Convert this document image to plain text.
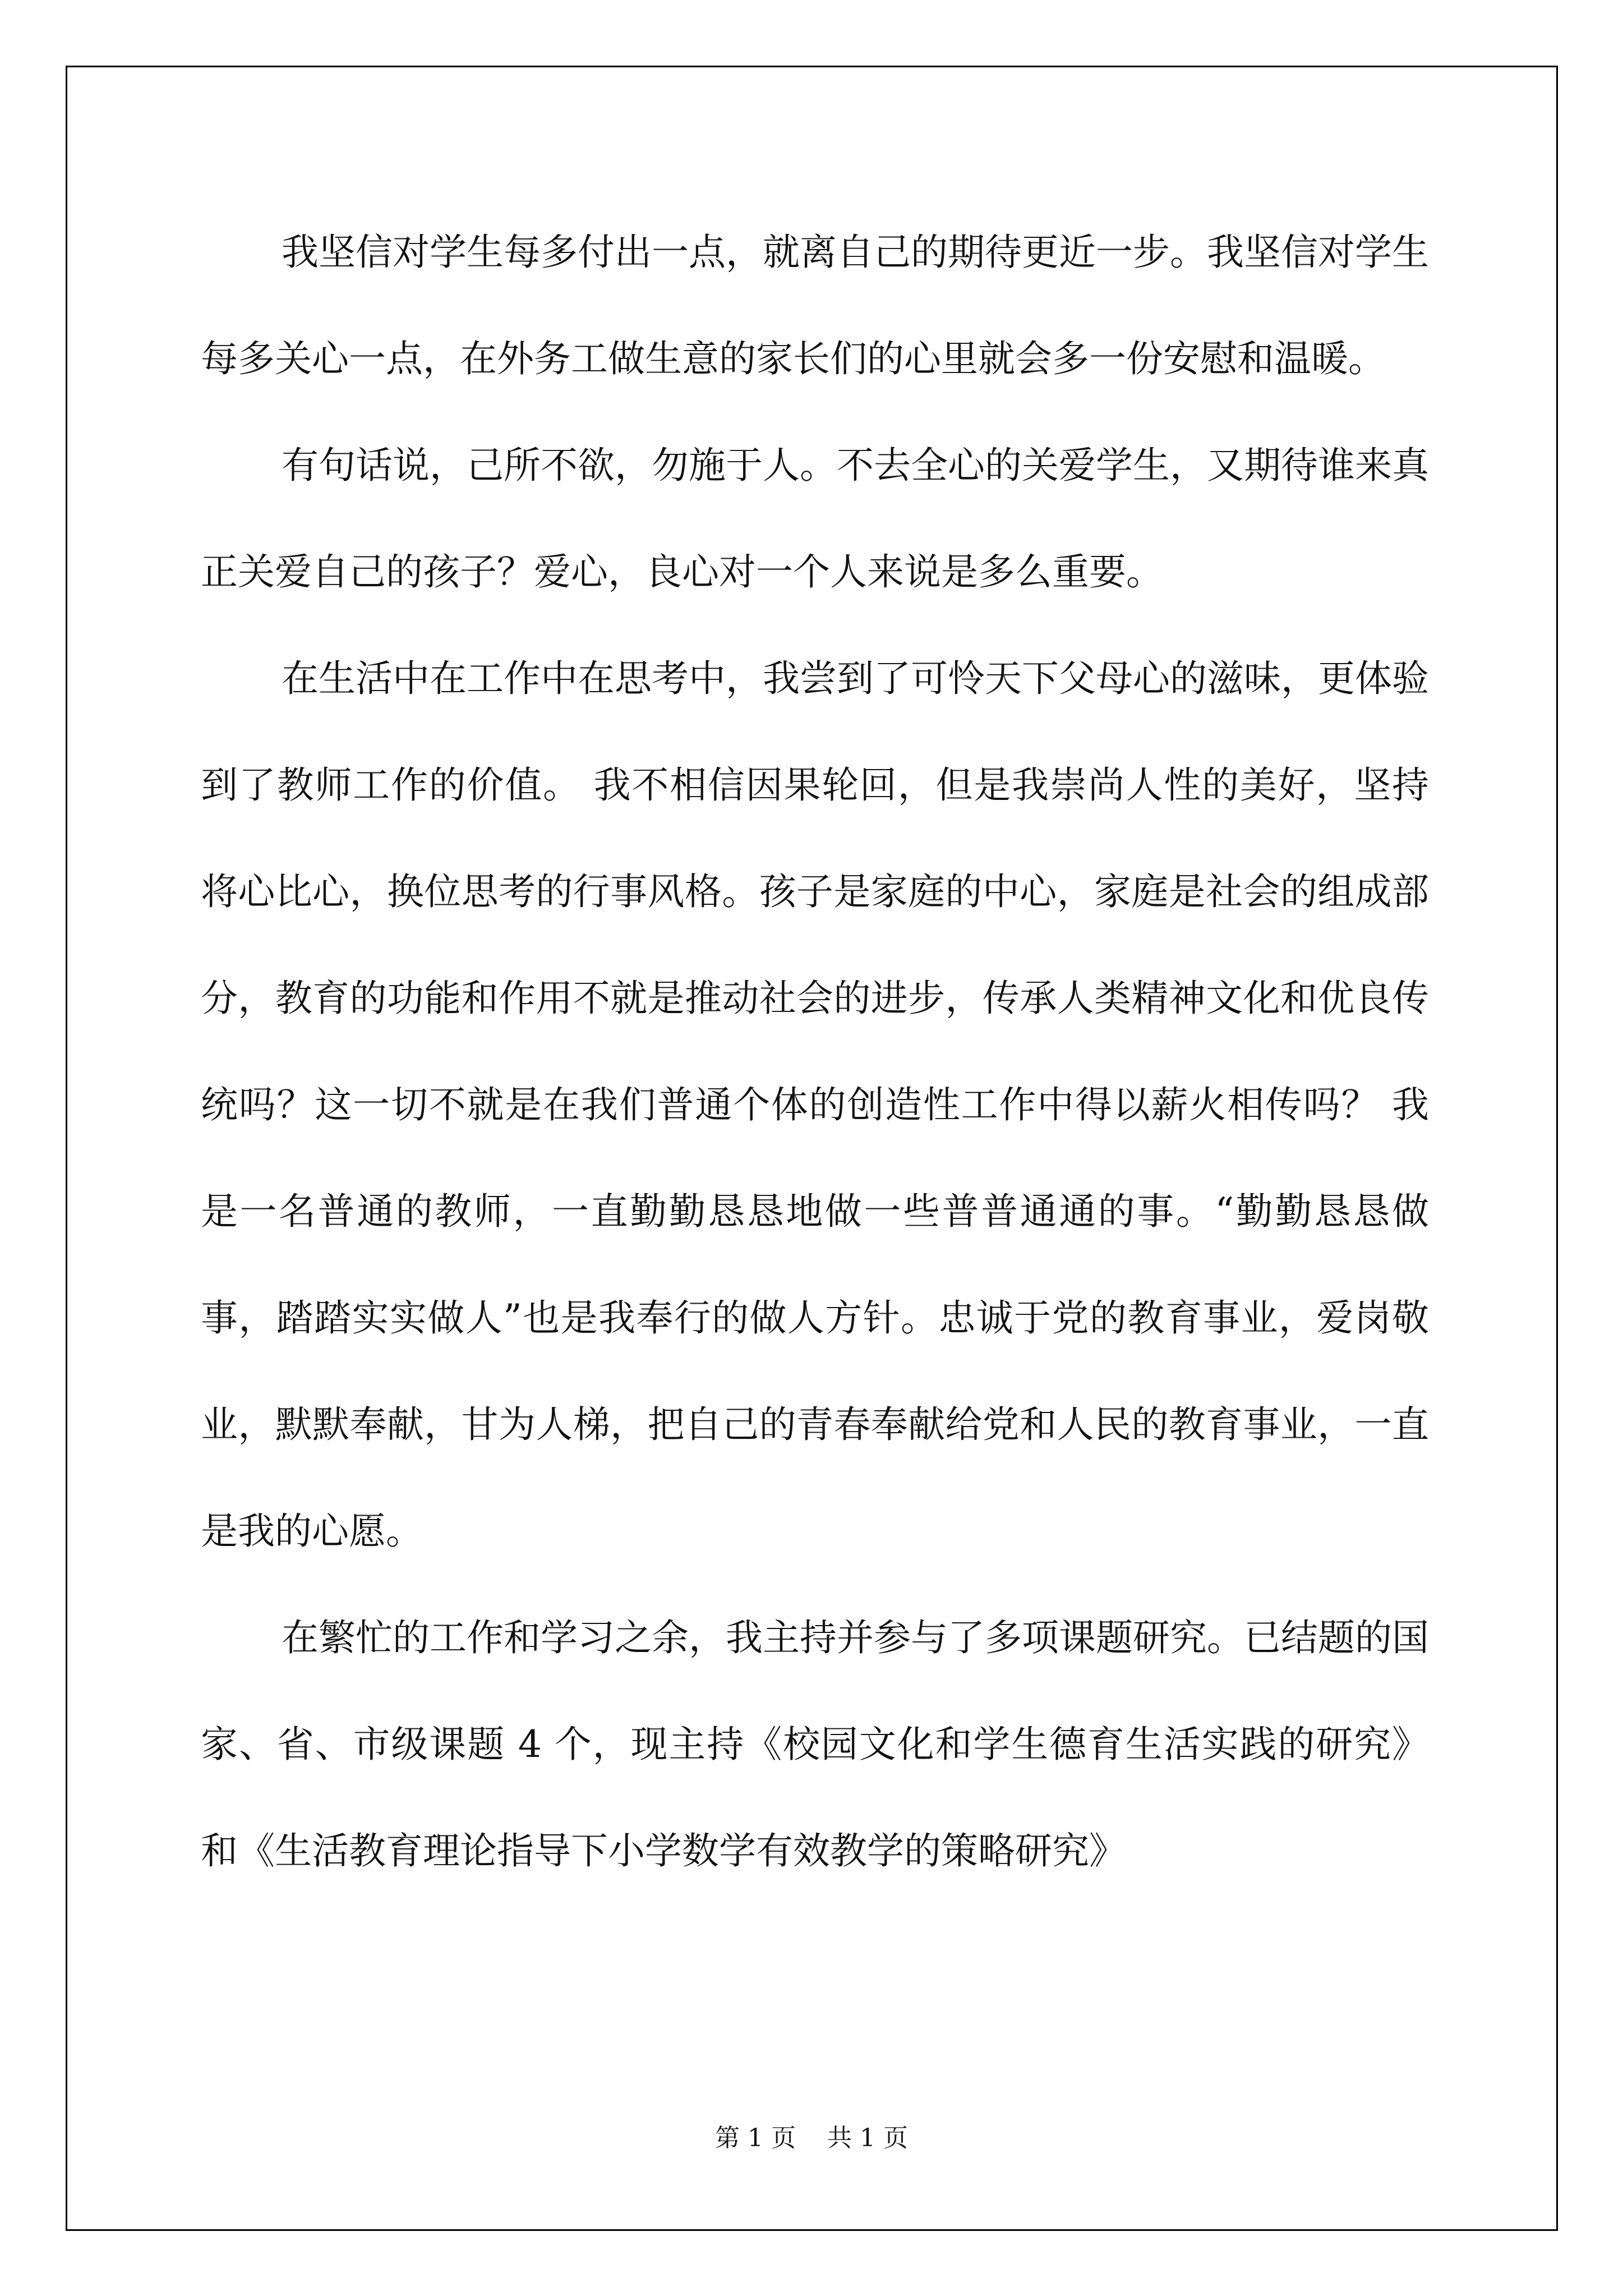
我坚信对学生每多付出一点，就离自己的期待更近一步。我坚信对学生每多关心一点，在外务工做生意的家长们的心里就会多一份安慰和温暖。

有句话说，己所不欲，勿施于人。不去全心的关爱学生，又期待谁来真正关爱自己的孩子？爱心，良心对一个人来说是多么重要。

在生活中在工作中在思考中，我尝到了可怜天下父母心的滋味，更体验到了教师工作的价值。 我不相信因果轮回，但是我崇尚人性的美好，坚持将心比心，换位思考的行事风格。孩子是家庭的中心，家庭是社会的组成部分，教育的功能和作用不就是推动社会的进步，传承人类精神文化和优良传统吗？这一切不就是在我们普通个体的创造性工作中得以薪火相传吗？ 我是一名普通的教师，一直勤勤恳恳地做一些普普通通的事。“勤勤恳恳做事，踏踏实实做人”也是我奉行的做人方针。忠诚于党的教育事业，爱岗敬业，默默奉献，甘为人梯，把自己的青春奉献给党和人民的教育事业，一直是我的心愿。

在繁忙的工作和学习之余，我主持并参与了多项课题研究。已结题的国家、省、市级课题 4 个，现主持《校园文化和学生德育生活实践的研究》和《生活教育理论指导下小学数学有效教学的策略研究》

第 1 页    共 1 页
